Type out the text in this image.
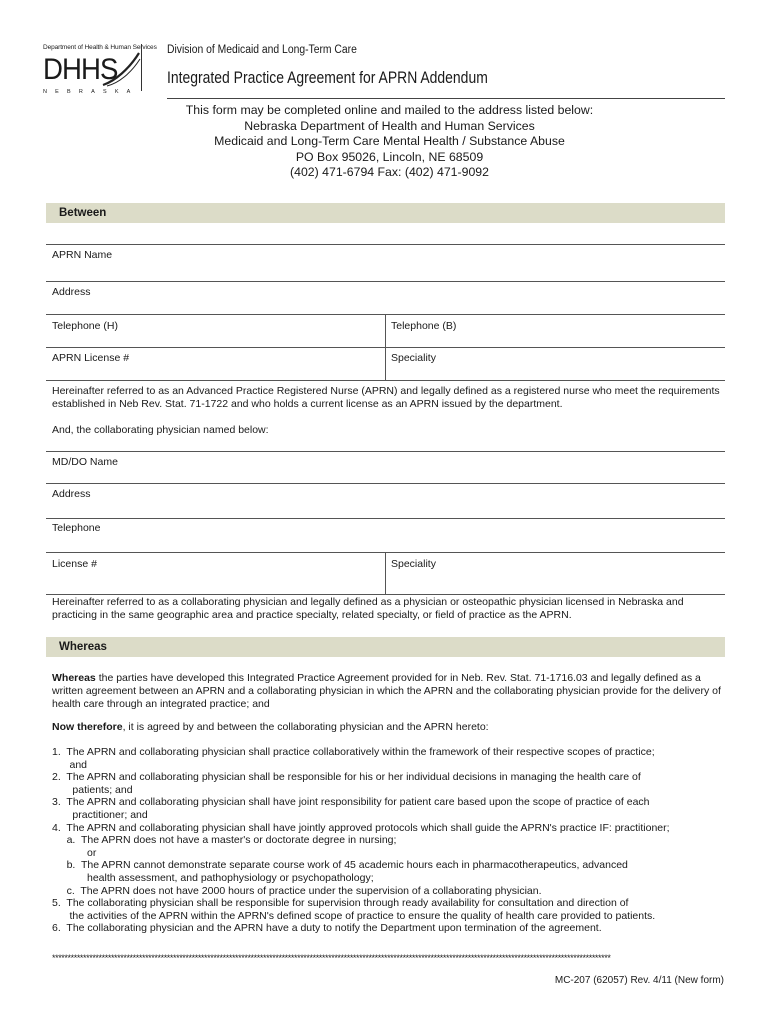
Department of Health & Human Services
DHHS
NEBRASKA
Division of Medicaid and Long-Term Care
Integrated Practice Agreement for APRN Addendum
This form may be completed online and mailed to the address listed below:
Nebraska Department of Health and Human Services
Medicaid and Long-Term Care Mental Health / Substance Abuse
PO Box 95026, Lincoln, NE 68509
(402) 471-6794 Fax: (402) 471-9092
Between
APRN Name
Address
Telephone (H)	Telephone (B)
APRN License #	Speciality
Hereinafter referred to as an Advanced Practice Registered Nurse (APRN) and legally defined as a registered nurse who meet the requirements established in Neb Rev. Stat. 71-1722 and who holds a current license as an APRN issued by the department.
And, the collaborating physician named below:
MD/DO Name
Address
Telephone
License #	Speciality
Hereinafter referred to as a collaborating physician and legally defined as a physician or osteopathic physician licensed in Nebraska and practicing in the same geographic area and practice specialty, related specialty, or field of practice as the APRN.
Whereas
Whereas the parties have developed this Integrated Practice Agreement provided for in Neb. Rev. Stat. 71-1716.03 and legally defined as a written agreement between an APRN and a collaborating physician in which the APRN and the collaborating physician provide for the delivery of health care through an integrated practice; and
Now therefore, it is agreed by and between the collaborating physician and the APRN hereto:
1.  The APRN and collaborating physician shall practice collaboratively within the framework of their respective scopes of practice;
and
2.  The APRN and collaborating physician shall be responsible for his or her individual decisions in managing the health care of
patients; and
3.  The APRN and collaborating physician shall have joint responsibility for patient care based upon the scope of practice of each
practitioner; and
4.  The APRN and collaborating physician shall have jointly approved protocols which shall guide the APRN's practice IF: practitioner;
a.  The APRN does not have a master's or doctorate degree in nursing;
or
b.  The APRN cannot demonstrate separate course work of 45 academic hours each in pharmacotherapeutics, advanced
health assessment, and pathophysiology or psychopathology;
c.  The APRN does not have 2000 hours of practice under the supervision of a collaborating physician.
5.  The collaborating physician shall be responsible for supervision through ready availability for consultation and direction of
the activities of the APRN within the APRN's defined scope of practice to ensure the quality of health care provided to patients.
6.  The collaborating physician and the APRN have a duty to notify the Department upon termination of the agreement.
************************************************************************************************************************************************************************************
MC-207 (62057) Rev. 4/11 (New form)
